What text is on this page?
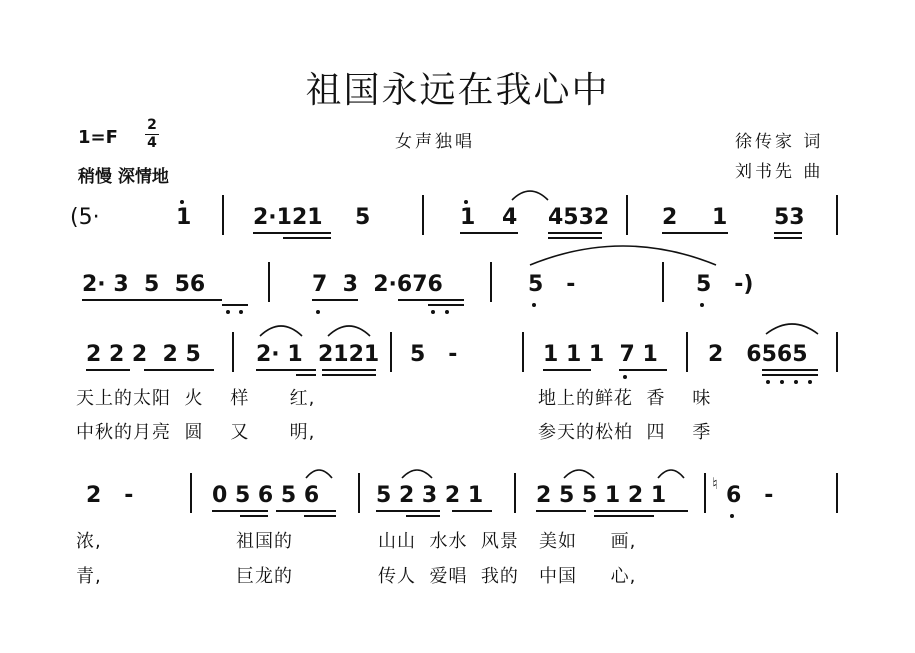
祖国永远在我心中
$1=F \frac{2}{4}$
稍慢 深情地
女声独唱	徐传家 词
刘书先 曲
(5·	1	2·121 5	1 4 4532 2 1 53
2· 3  5  56	7  3  2·676	5   -	5   -)
2 2 2  2 5	2· 1  2121 5   -	1 1 1  7 1 2   6565
天上的太阳  火    样      红,	地上的鲜花  香    味
中秋的月亮  圆    又      明,	参天的松柏  四    季
2   -	0 5 6 5 6	5 2 3 2 1 2 5 5 1 2 1	♮ 6   -
浓,	祖国的	山山  水水  风景   美如     画,
青,	巨龙的	传人  爱唱  我的   中国     心,
